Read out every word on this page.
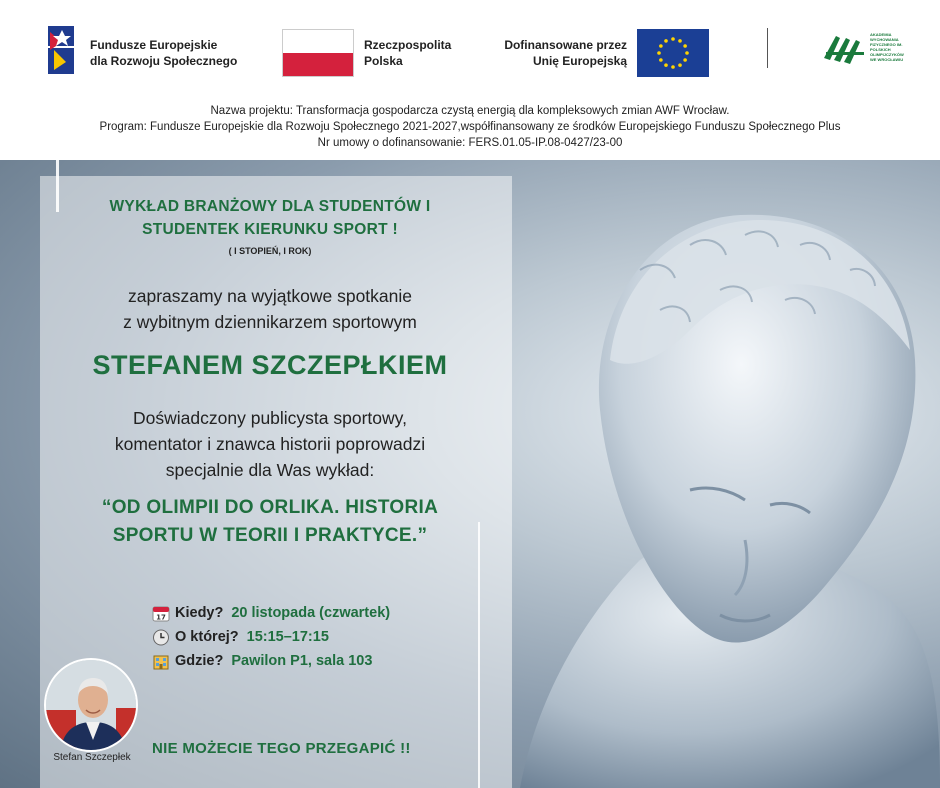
Fundusze Europejskie
dla Rozwoju Społecznego
Rzeczpospolita
Polska
Dofinansowane przez
Unię Europejską
AKADEMIA WYCHOWANIA FIZYCZNEGO IM. POLSKICH OLIMPIJCZYKÓW WE WROCŁAWIU
Nazwa projektu: Transformacja gospodarcza czystą energią dla kompleksowych zmian AWF Wrocław.
Program: Fundusze Europejskie dla Rozwoju Społecznego 2021-2027,współfinansowany ze środków Europejskiego Funduszu Społecznego Plus
Nr umowy o dofinansowanie: FERS.01.05-IP.08-0427/23-00
WYKŁAD BRANŻOWY DLA STUDENTÓW I
STUDENTEK KIERUNKU SPORT !
( I STOPIEŃ, I ROK)
zapraszamy na wyjątkowe spotkanie
z wybitnym dziennikarzem sportowym
STEFANEM SZCZEPŁKIEM
Doświadczony publicysta sportowy,
komentator i znawca historii poprowadzi
specjalnie dla Was wykład:
“OD OLIMPII DO ORLIKA. HISTORIA
SPORTU W TEORII I PRAKTYCE.”
17 Kiedy? 20 listopada (czwartek)
O której? 15:15–17:15
Gdzie? Pawilon P1, sala 103
Stefan Szczepłek
NIE MOŻECIE TEGO PRZEGAPIĆ !!
